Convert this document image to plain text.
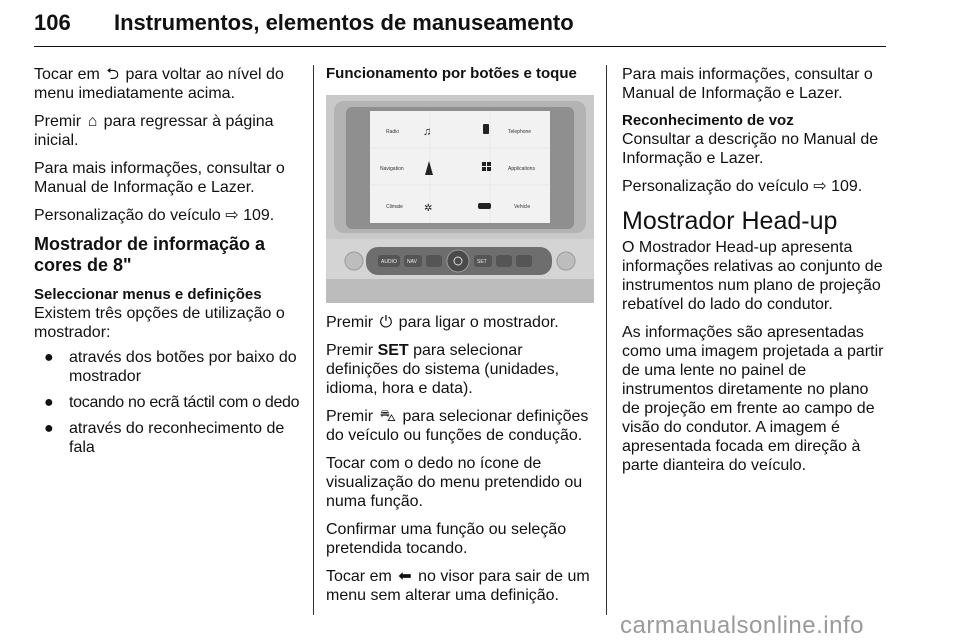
106 Instrumentos, elementos de manuseamento

Tocar em ⮌ para voltar ao nível do menu imediatamente acima.

Premir ⌂ para regressar à página inicial.

Para mais informações, consultar o Manual de Informação e Lazer.

Personalização do veículo ⇨ 109.

Mostrador de informação a cores de 8"
Seleccionar menus e definições

Existem três opções de utilização o mostrador:

● através dos botões por baixo do mostrador
● tocando no ecrã táctil com o dedo
● através do reconhecimento de fala
Funcionamento por botões e toque
Radio ♫	Telephone
Navigation	Applications
Climate ✲	Vehicle
AUDIO NAV	SET

Premir ⏻ para ligar o mostrador.

Premir SET para selecionar definições do sistema (unidades, idioma, hora e data).

Premir ⛍ para selecionar definições do veículo ou funções de condução.

Tocar com o dedo no ícone de visualização do menu pretendido ou numa função.

Confirmar uma função ou seleção pretendida tocando.

Tocar em ⬅ no visor para sair de um menu sem alterar uma definição.

Para mais informações, consultar o Manual de Informação e Lazer.

Reconhecimento de voz

Consultar a descrição no Manual de Informação e Lazer.

Personalização do veículo ⇨ 109.

Mostrador Head-up

O Mostrador Head-up apresenta informações relativas ao conjunto de instrumentos num plano de projeção rebatível do lado do condutor.

As informações são apresentadas como uma imagem projetada a partir de uma lente no painel de instrumentos diretamente no plano de projeção em frente ao campo de visão do condutor. A imagem é apresentada focada em direção à parte dianteira do veículo.

carmanualsonline.info
